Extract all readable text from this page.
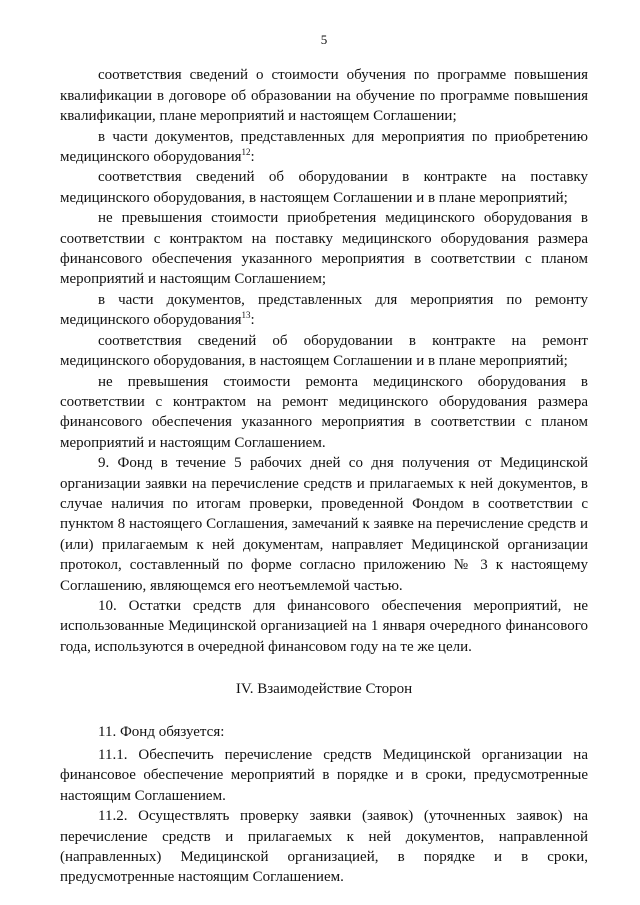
5

соответствия сведений о стоимости обучения по программе повышения квалификации в договоре об образовании на обучение по программе повышения квалификации, плане мероприятий и настоящем Соглашении;

в части документов, представленных для мероприятия по приобретению медицинского оборудования$^{12}$:

соответствия сведений об оборудовании в контракте на поставку медицинского оборудования, в настоящем Соглашении и в плане мероприятий;

не превышения стоимости приобретения медицинского оборудования в соответствии с контрактом на поставку медицинского оборудования размера финансового обеспечения указанного мероприятия в соответствии с планом мероприятий и настоящим Соглашением;

в части документов, представленных для мероприятия по ремонту медицинского оборудования$^{13}$:

соответствия сведений об оборудовании в контракте на ремонт медицинского оборудования, в настоящем Соглашении и в плане мероприятий;

не превышения стоимости ремонта медицинского оборудования в соответствии с контрактом на ремонт медицинского оборудования размера финансового обеспечения указанного мероприятия в соответствии с планом мероприятий и настоящим Соглашением.

9. Фонд в течение 5 рабочих дней со дня получения от Медицинской организации заявки на перечисление средств и прилагаемых к ней документов, в случае наличия по итогам проверки, проведенной Фондом в соответствии с пунктом 8 настоящего Соглашения, замечаний к заявке на перечисление средств и (или) прилагаемым к ней документам, направляет Медицинской организации протокол, составленный по форме согласно приложению № 3 к настоящему Соглашению, являющемся его неотъемлемой частью.

10. Остатки средств для финансового обеспечения мероприятий, не использованные Медицинской организацией на 1 января очередного финансового года, используются в очередной финансовом году на те же цели.

IV. Взаимодействие Сторон

11. Фонд обязуется:

11.1. Обеспечить перечисление средств Медицинской организации на финансовое обеспечение мероприятий в порядке и в сроки, предусмотренные настоящим Соглашением.

11.2. Осуществлять проверку заявки (заявок) (уточненных заявок) на перечисление средств и прилагаемых к ней документов, направленной (направленных) Медицинской организацией, в порядке и в сроки, предусмотренные настоящим Соглашением.
